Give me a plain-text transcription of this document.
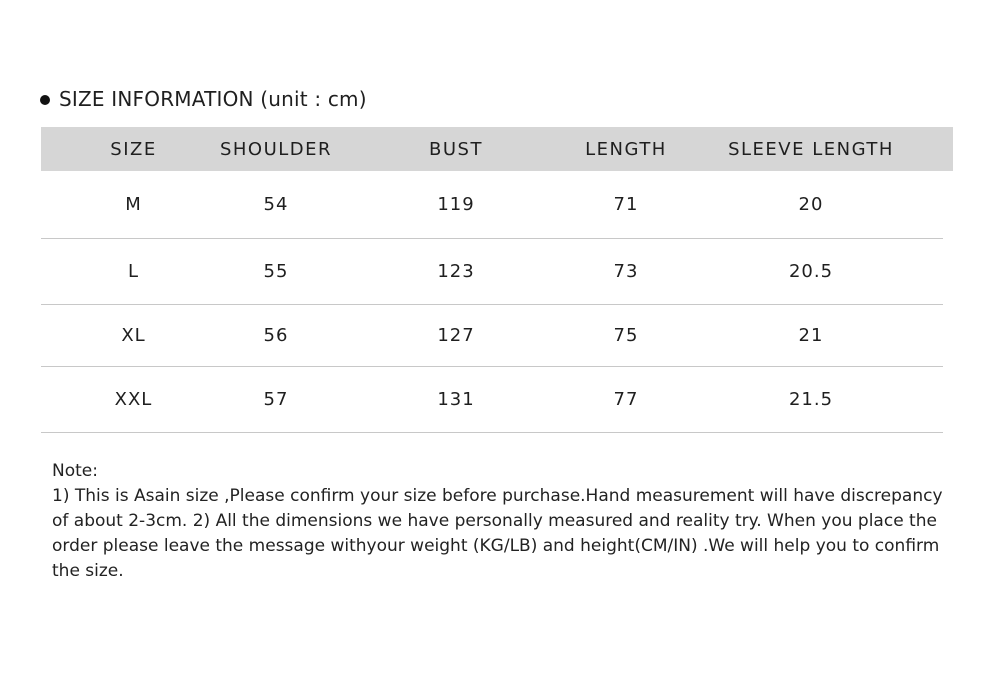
SIZE INFORMATION (unit : cm)
SIZE	SHOULDER	BUST	LENGTH	SLEEVE LENGTH
M	54	119	71	20
L	55	123	73	20.5
XL	56	127	75	21
XXL	57	131	77	21.5

Note:

1) This is Asain size ,Please confirm your size before purchase.Hand measurement will have discrepancy of about 2-3cm. 2) All the dimensions we have personally measured and reality try. When you place the order please leave the message withyour weight (KG/LB) and height(CM/IN) .We will help you to confirm the size.
